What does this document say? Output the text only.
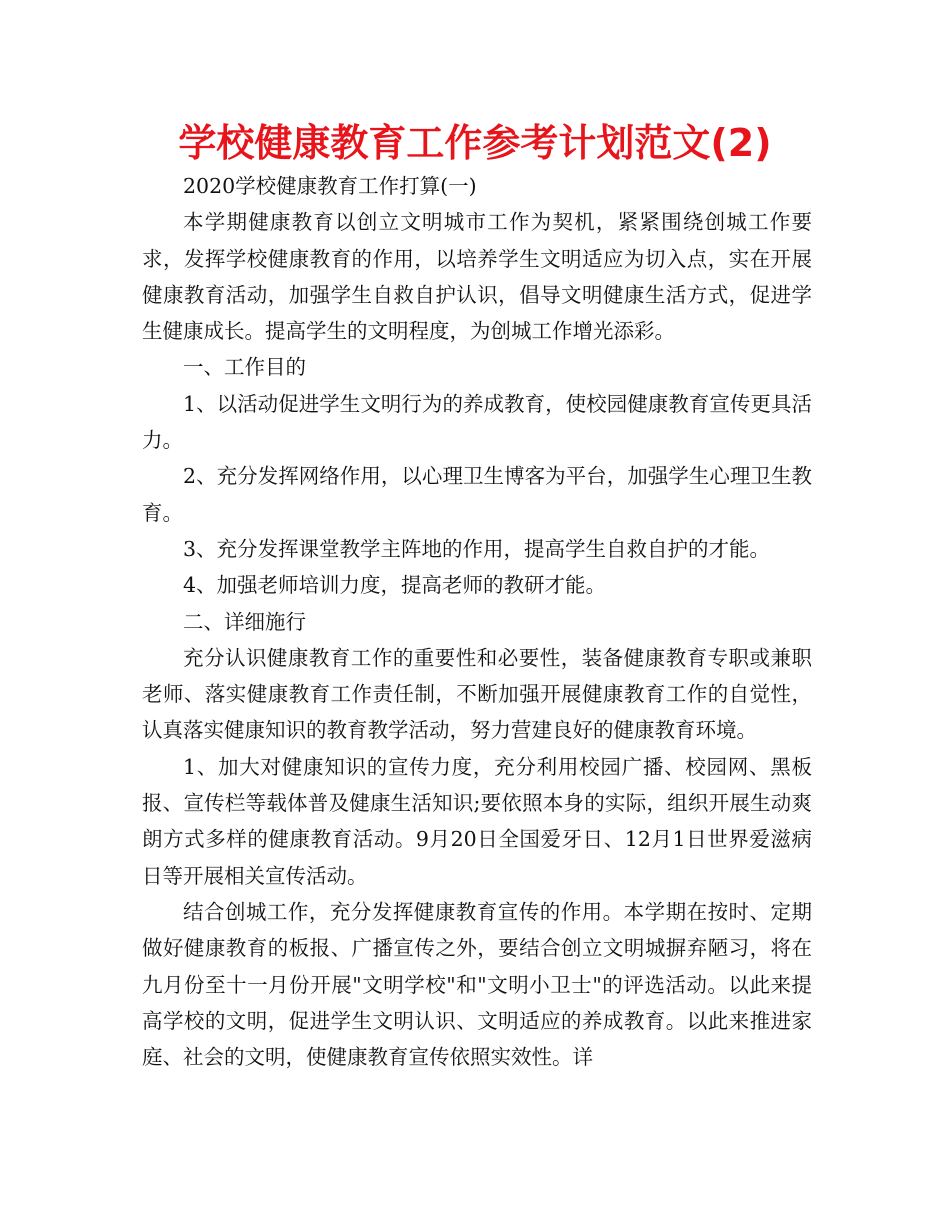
学校健康教育工作参考计划范文(2)

2020学校健康教育工作打算(一)

本学期健康教育以创立文明城市工作为契机，紧紧围绕创城工作要求，发挥学校健康教育的作用，以培养学生文明适应为切入点，实在开展健康教育活动，加强学生自救自护认识，倡导文明健康生活方式，促进学生健康成长。提高学生的文明程度，为创城工作增光添彩。

一、工作目的

1、以活动促进学生文明行为的养成教育，使校园健康教育宣传更具活力。

2、充分发挥网络作用，以心理卫生博客为平台，加强学生心理卫生教育。

3、充分发挥课堂教学主阵地的作用，提高学生自救自护的才能。

4、加强老师培训力度，提高老师的教研才能。

二、详细施行

充分认识健康教育工作的重要性和必要性，装备健康教育专职或兼职老师、落实健康教育工作责任制，不断加强开展健康教育工作的自觉性，认真落实健康知识的教育教学活动，努力营建良好的健康教育环境。

1、加大对健康知识的宣传力度，充分利用校园广播、校园网、黑板报、宣传栏等载体普及健康生活知识;要依照本身的实际，组织开展生动爽朗方式多样的健康教育活动。9月20日全国爱牙日、12月1日世界爱滋病日等开展相关宣传活动。

结合创城工作，充分发挥健康教育宣传的作用。本学期在按时、定期做好健康教育的板报、广播宣传之外，要结合创立文明城摒弃陋习，将在九月份至十一月份开展"文明学校"和"文明小卫士"的评选活动。以此来提高学校的文明，促进学生文明认识、文明适应的养成教育。以此来推进家庭、社会的文明，使健康教育宣传依照实效性。详
